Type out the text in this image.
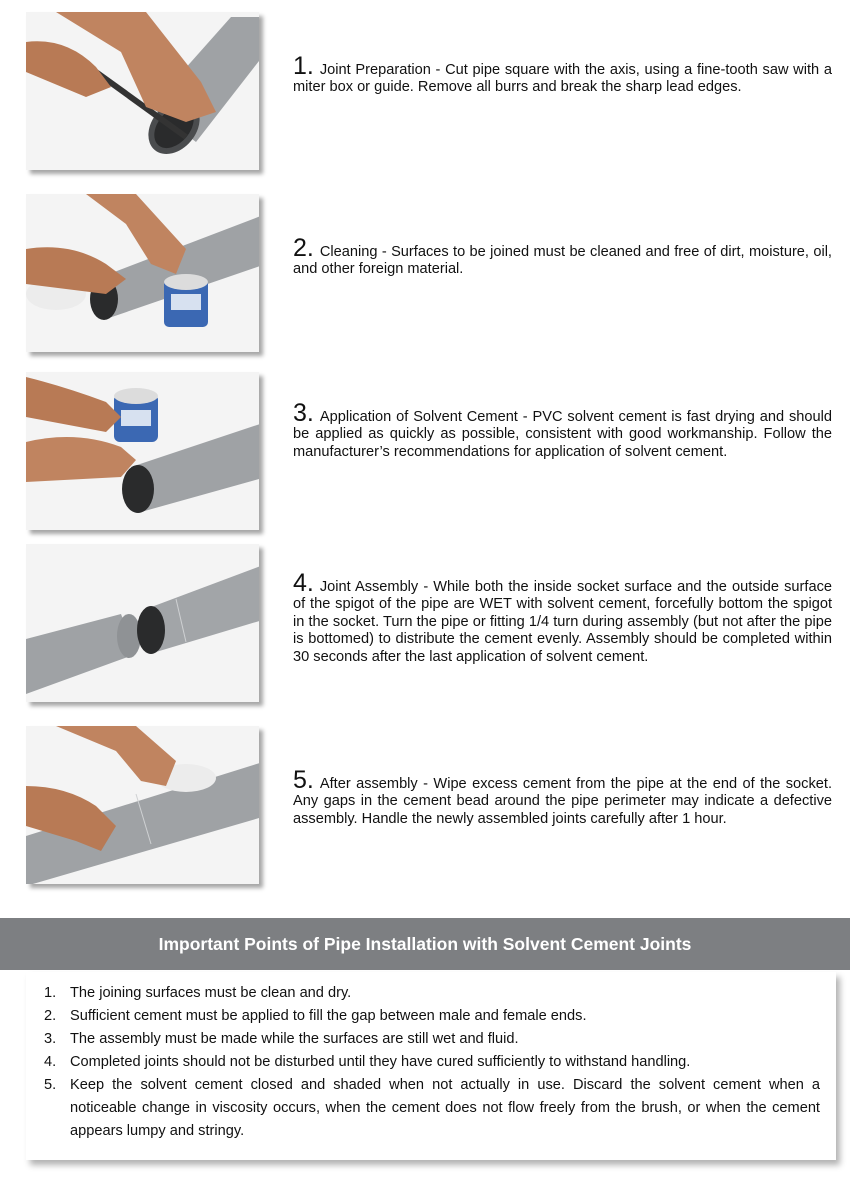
1. Joint Preparation - Cut pipe square with the axis, using a fine-tooth saw with a miter box or guide. Remove all burrs and break the sharp lead edges.
2. Cleaning - Surfaces to be joined must be cleaned and free of dirt, moisture, oil, and other foreign material.
3. Application of Solvent Cement - PVC solvent cement is fast drying and should be applied as quickly as possible, consistent with good workmanship. Follow the manufacturer’s recommendations for application of solvent cement.
4. Joint Assembly - While both the inside socket surface and the outside surface of the spigot of the pipe are WET with solvent cement, forcefully bottom the spigot in the socket. Turn the pipe or fitting 1/4 turn during assembly (but not after the pipe is bottomed) to distribute the cement evenly. Assembly should be completed within 30 seconds after the last application of solvent cement.
5. After assembly - Wipe excess cement from the pipe at the end of the socket. Any gaps in the cement bead around the pipe perimeter may indicate a defective assembly. Handle the newly assembled joints carefully after 1 hour.
Important Points of Pipe Installation with Solvent Cement Joints
1. The joining surfaces must be clean and dry.
2. Sufficient cement must be applied to fill the gap between male and female ends.
3. The assembly must be made while the surfaces are still wet and fluid.
4. Completed joints should not be disturbed until they have cured sufficiently to withstand handling.
5. Keep the solvent cement closed and shaded when not actually in use. Discard the solvent cement when a noticeable change in viscosity occurs, when the cement does not flow freely from the brush, or when the cement appears lumpy and stringy.
